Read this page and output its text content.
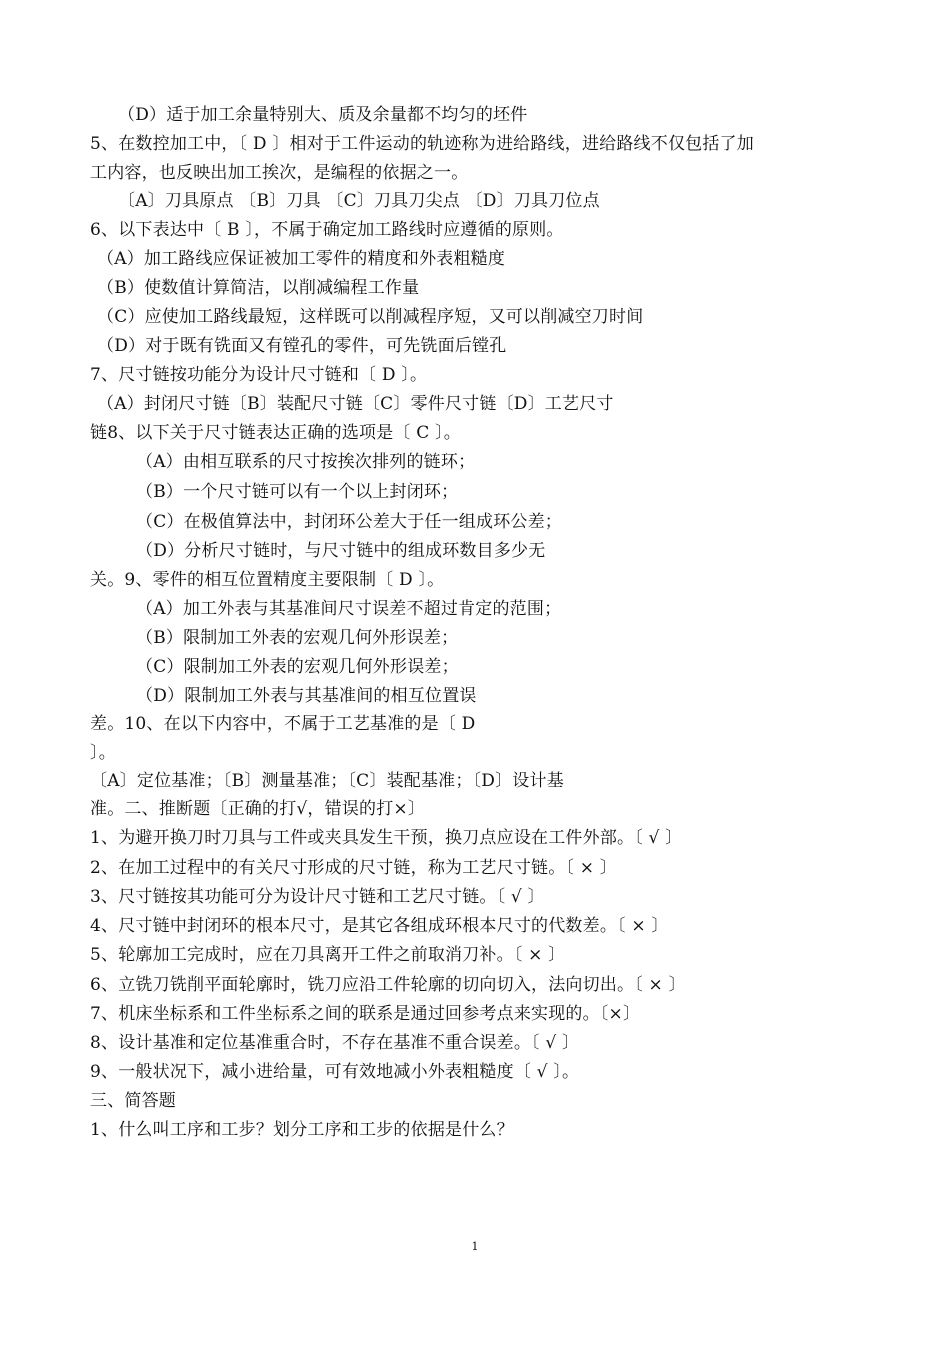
（D）适于加工余量特别大、质及余量都不均匀的坯件
5、在数控加工中，〔 D 〕相对于工件运动的轨迹称为进给路线，进给路线不仅包括了加
工内容，也反映出加工挨次，是编程的依据之一。
〔A〕刀具原点 〔B〕刀具 〔C〕刀具刀尖点 〔D〕刀具刀位点
6、以下表达中〔 B 〕，不属于确定加工路线时应遵循的原则。
（A）加工路线应保证被加工零件的精度和外表粗糙度
（B）使数值计算简洁，以削减编程工作量
（C）应使加工路线最短，这样既可以削减程序短，又可以削减空刀时间
（D）对于既有铣面又有镗孔的零件，可先铣面后镗孔
7、尺寸链按功能分为设计尺寸链和〔 D 〕。
（A）封闭尺寸链〔B〕装配尺寸链〔C〕零件尺寸链〔D〕工艺尺寸
链8、以下关于尺寸链表达正确的选项是〔 C 〕。
（A）由相互联系的尺寸按挨次排列的链环；
（B）一个尺寸链可以有一个以上封闭环；
（C）在极值算法中，封闭环公差大于任一组成环公差；
（D）分析尺寸链时，与尺寸链中的组成环数目多少无
关。9、零件的相互位置精度主要限制〔 D 〕。
（A）加工外表与其基准间尺寸误差不超过肯定的范围；
（B）限制加工外表的宏观几何外形误差；
（C）限制加工外表的宏观几何外形误差；
（D）限制加工外表与其基准间的相互位置误
差。10、在以下内容中，不属于工艺基准的是〔 D
〕。
〔A〕定位基准；〔B〕测量基准；〔C〕装配基准；〔D〕设计基
准。二、推断题〔正确的打√，错误的打×〕
1、为避开换刀时刀具与工件或夹具发生干预，换刀点应设在工件外部。〔 √ 〕
2、在加工过程中的有关尺寸形成的尺寸链，称为工艺尺寸链。〔 × 〕
3、尺寸链按其功能可分为设计尺寸链和工艺尺寸链。〔 √ 〕
4、尺寸链中封闭环的根本尺寸，是其它各组成环根本尺寸的代数差。〔 × 〕
5、轮廓加工完成时，应在刀具离开工件之前取消刀补。〔 × 〕
6、立铣刀铣削平面轮廓时，铣刀应沿工件轮廓的切向切入，法向切出。〔 × 〕
7、机床坐标系和工件坐标系之间的联系是通过回参考点来实现的。〔×〕
8、设计基准和定位基准重合时，不存在基准不重合误差。〔 √ 〕
9、一般状况下，减小进给量，可有效地减小外表粗糙度〔 √ 〕。
三、简答题
1、什么叫工序和工步？划分工序和工步的依据是什么？
1
